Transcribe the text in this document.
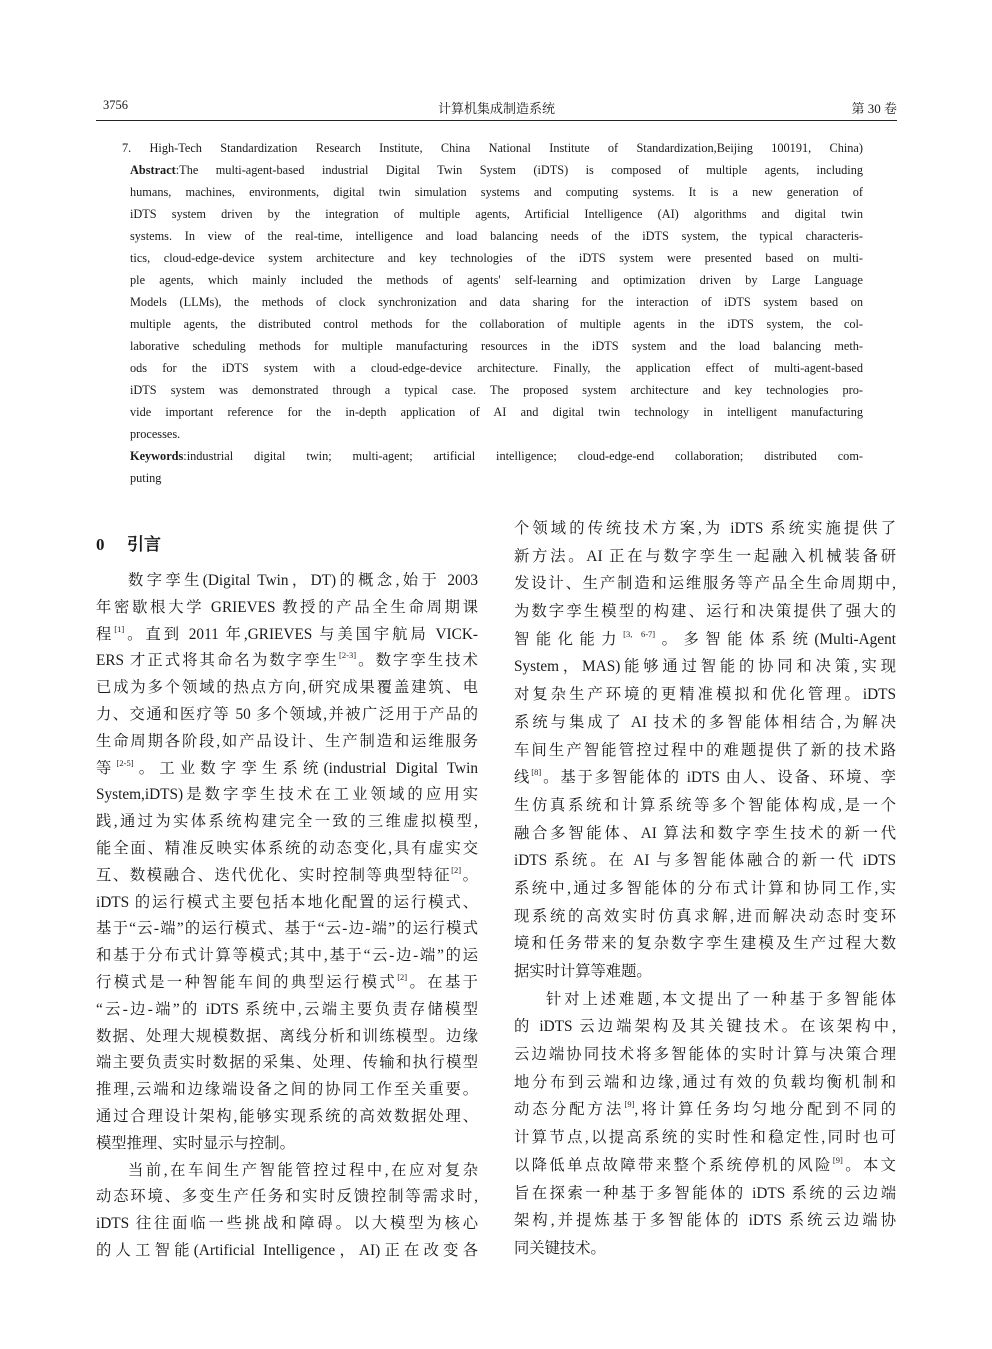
3756	计算机集成制造系统	第 30 卷
7. High-Tech Standardization Research Institute, China National Institute of Standardization,Beijing 100191, China)
Abstract:The multi-agent-based industrial Digital Twin System (iDTS) is composed of multiple agents, including
humans, machines, environments, digital twin simulation systems and computing systems. It is a new generation of
iDTS system driven by the integration of multiple agents, Artificial Intelligence (AI) algorithms and digital twin
systems. In view of the real-time, intelligence and load balancing needs of the iDTS system, the typical characteris-
tics, cloud-edge-device system architecture and key technologies of the iDTS system were presented based on multi-
ple agents, which mainly included the methods of agents' self-learning and optimization driven by Large Language
Models (LLMs), the methods of clock synchronization and data sharing for the interaction of iDTS system based on
multiple agents, the distributed control methods for the collaboration of multiple agents in the iDTS system, the col-
laborative scheduling methods for multiple manufacturing resources in the iDTS system and the load balancing meth-
ods for the iDTS system with a cloud-edge-device architecture. Finally, the application effect of multi-agent-based
iDTS system was demonstrated through a typical case. The proposed system architecture and key technologies pro-
vide important reference for the in-depth application of AI and digital twin technology in intelligent manufacturing
processes.
Keywords:industrial digital twin; multi-agent; artificial intelligence; cloud-edge-end collaboration; distributed com-
puting
0 引言
数字孪生(Digital Twin，DT)的概念,始于 2003
年密歇根大学 GRIEVES 教授的产品全生命周期课
程[1]。直到 2011 年,GRIEVES 与美国宇航局 VICK-
ERS 才正式将其命名为数字孪生[2-3]。数字孪生技术
已成为多个领域的热点方向,研究成果覆盖建筑、电
力、交通和医疗等 50 多个领域,并被广泛用于产品的
生命周期各阶段,如产品设计、生产制造和运维服务
等[2-5]。工业数字孪生系统(industrial Digital Twin
System,iDTS)是数字孪生技术在工业领域的应用实
践,通过为实体系统构建完全一致的三维虚拟模型,
能全面、精准反映实体系统的动态变化,具有虚实交
互、数模融合、迭代优化、实时控制等典型特征[2]。
iDTS 的运行模式主要包括本地化配置的运行模式、
基于“云-端”的运行模式、基于“云-边-端”的运行模式
和基于分布式计算等模式;其中,基于“云-边-端”的运
行模式是一种智能车间的典型运行模式[2]。在基于
“云-边-端”的 iDTS 系统中,云端主要负责存储模型
数据、处理大规模数据、离线分析和训练模型。边缘
端主要负责实时数据的采集、处理、传输和执行模型
推理,云端和边缘端设备之间的协同工作至关重要。
通过合理设计架构,能够实现系统的高效数据处理、
模型推理、实时显示与控制。
当前,在车间生产智能管控过程中,在应对复杂
动态环境、多变生产任务和实时反馈控制等需求时,
iDTS 往往面临一些挑战和障碍。以大模型为核心
的人工智能(Artificial Intelligence，AI)正在改变各
个领域的传统技术方案,为 iDTS 系统实施提供了
新方法。AI 正在与数字孪生一起融入机械装备研
发设计、生产制造和运维服务等产品全生命周期中,
为数字孪生模型的构建、运行和决策提供了强大的
智能化能力[3, 6-7]。多智能体系统(Multi-Agent
System，MAS)能够通过智能的协同和决策,实现
对复杂生产环境的更精准模拟和优化管理。iDTS
系统与集成了 AI 技术的多智能体相结合,为解决
车间生产智能管控过程中的难题提供了新的技术路
线[8]。基于多智能体的 iDTS 由人、设备、环境、孪
生仿真系统和计算系统等多个智能体构成,是一个
融合多智能体、AI 算法和数字孪生技术的新一代
iDTS 系统。在 AI 与多智能体融合的新一代 iDTS
系统中,通过多智能体的分布式计算和协同工作,实
现系统的高效实时仿真求解,进而解决动态时变环
境和任务带来的复杂数字孪生建模及生产过程大数
据实时计算等难题。
针对上述难题,本文提出了一种基于多智能体
的 iDTS 云边端架构及其关键技术。在该架构中,
云边端协同技术将多智能体的实时计算与决策合理
地分布到云端和边缘,通过有效的负载均衡机制和
动态分配方法[9],将计算任务均匀地分配到不同的
计算节点,以提高系统的实时性和稳定性,同时也可
以降低单点故障带来整个系统停机的风险[9]。本文
旨在探索一种基于多智能体的 iDTS 系统的云边端
架构,并提炼基于多智能体的 iDTS 系统云边端协
同关键技术。
